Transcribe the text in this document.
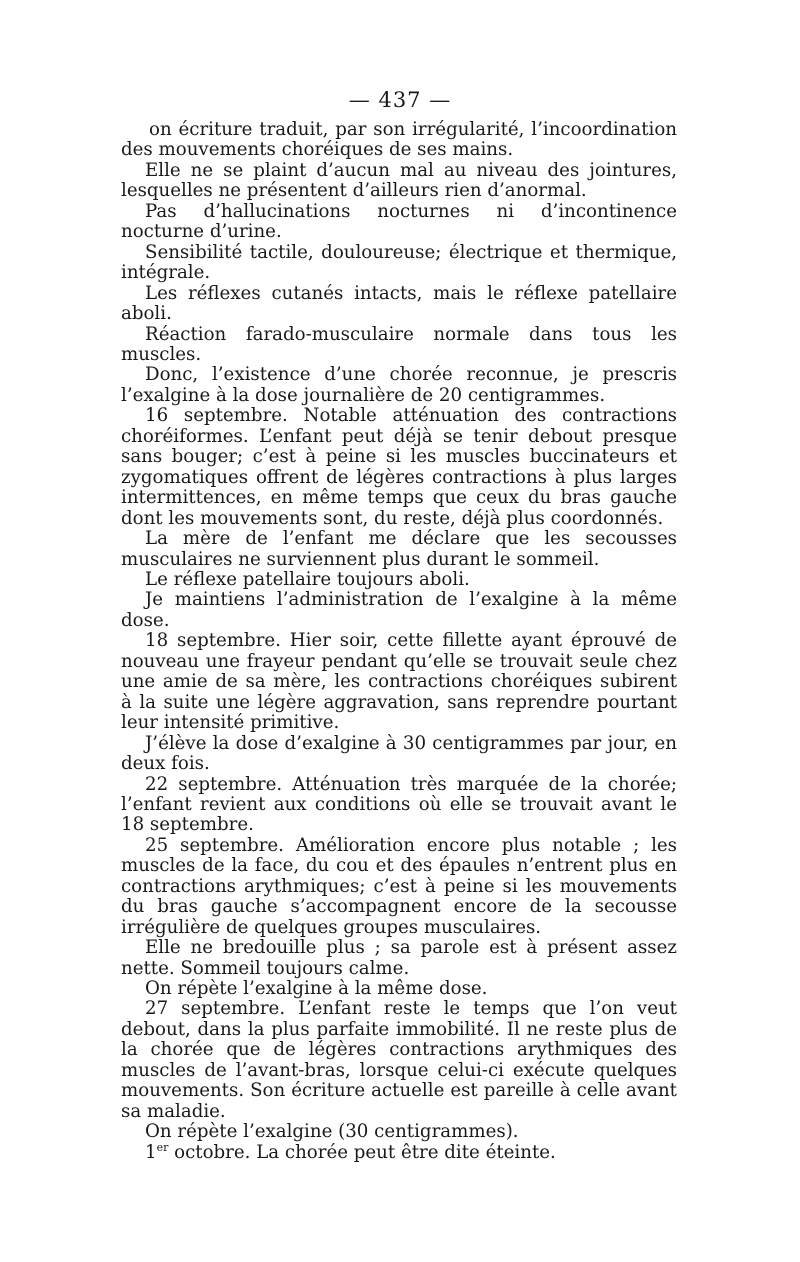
— 437 —

on écriture traduit, par son irrégularité, l’incoordination des mouvements choréiques de ses mains.

Elle ne se plaint d’aucun mal au niveau des jointures, lesquelles ne présentent d’ailleurs rien d’anormal.

Pas d’hallucinations nocturnes ni d’incontinence nocturne d’urine.

Sensibilité tactile, douloureuse; électrique et thermique, intégrale.

Les réflexes cutanés intacts, mais le réflexe patellaire aboli.

Réaction farado-musculaire normale dans tous les muscles.

Donc, l’existence d’une chorée reconnue, je prescris l’exalgine à la dose journalière de 20 centigrammes.

16 septembre. Notable atténuation des contractions choréiformes. L’enfant peut déjà se tenir debout presque sans bouger; c’est à peine si les muscles buccinateurs et zygomatiques offrent de légères contractions à plus larges intermittences, en même temps que ceux du bras gauche dont les mouvements sont, du reste, déjà plus coordonnés.

La mère de l’enfant me déclare que les secousses musculaires ne surviennent plus durant le sommeil.

Le réflexe patellaire toujours aboli.

Je maintiens l’administration de l’exalgine à la même dose.

18 septembre. Hier soir, cette fillette ayant éprouvé de nouveau une frayeur pendant qu’elle se trouvait seule chez une amie de sa mère, les contractions choréiques subirent à la suite une légère aggravation, sans reprendre pourtant leur intensité primitive.

J’élève la dose d’exalgine à 30 centigrammes par jour, en deux fois.

22 septembre. Atténuation très marquée de la chorée; l’enfant revient aux conditions où elle se trouvait avant le 18 septembre.

25 septembre. Amélioration encore plus notable ; les muscles de la face, du cou et des épaules n’entrent plus en contractions arythmiques; c’est à peine si les mouvements du bras gauche s’accompagnent encore de la secousse irrégulière de quelques groupes musculaires.

Elle ne bredouille plus ; sa parole est à présent assez nette. Sommeil toujours calme.

On répète l’exalgine à la même dose.

27 septembre. L’enfant reste le temps que l’on veut debout, dans la plus parfaite immobilité. Il ne reste plus de la chorée que de légères contractions arythmiques des muscles de l’avant-bras, lorsque celui-ci exécute quelques mouvements. Son écriture actuelle est pareille à celle avant sa maladie.

On répète l’exalgine (30 centigrammes).

1er octobre. La chorée peut être dite éteinte.
